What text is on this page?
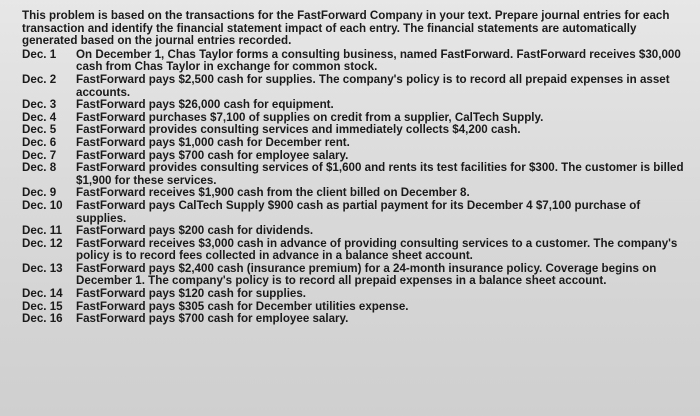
This problem is based on the transactions for the FastForward Company in your text. Prepare journal entries for each transaction and identify the financial statement impact of each entry. The financial statements are automatically generated based on the journal entries recorded.

Dec. 1	On December 1, Chas Taylor forms a consulting business, named FastForward. FastForward receives $30,000 cash from Chas Taylor in exchange for common stock.
Dec. 2	FastForward pays $2,500 cash for supplies. The company's policy is to record all prepaid expenses in asset accounts.
Dec. 3	FastForward pays $26,000 cash for equipment.
Dec. 4	FastForward purchases $7,100 of supplies on credit from a supplier, CalTech Supply.
Dec. 5	FastForward provides consulting services and immediately collects $4,200 cash.
Dec. 6	FastForward pays $1,000 cash for December rent.
Dec. 7	FastForward pays $700 cash for employee salary.
Dec. 8	FastForward provides consulting services of $1,600 and rents its test facilities for $300. The customer is billed $1,900 for these services.
Dec. 9	FastForward receives $1,900 cash from the client billed on December 8.
Dec. 10	FastForward pays CalTech Supply $900 cash as partial payment for its December 4 $7,100 purchase of supplies.
Dec. 11	FastForward pays $200 cash for dividends.
Dec. 12	FastForward receives $3,000 cash in advance of providing consulting services to a customer. The company's policy is to record fees collected in advance in a balance sheet account.
Dec. 13	FastForward pays $2,400 cash (insurance premium) for a 24-month insurance policy. Coverage begins on December 1. The company's policy is to record all prepaid expenses in a balance sheet account.
Dec. 14	FastForward pays $120 cash for supplies.
Dec. 15	FastForward pays $305 cash for December utilities expense.
Dec. 16	FastForward pays $700 cash for employee salary.
